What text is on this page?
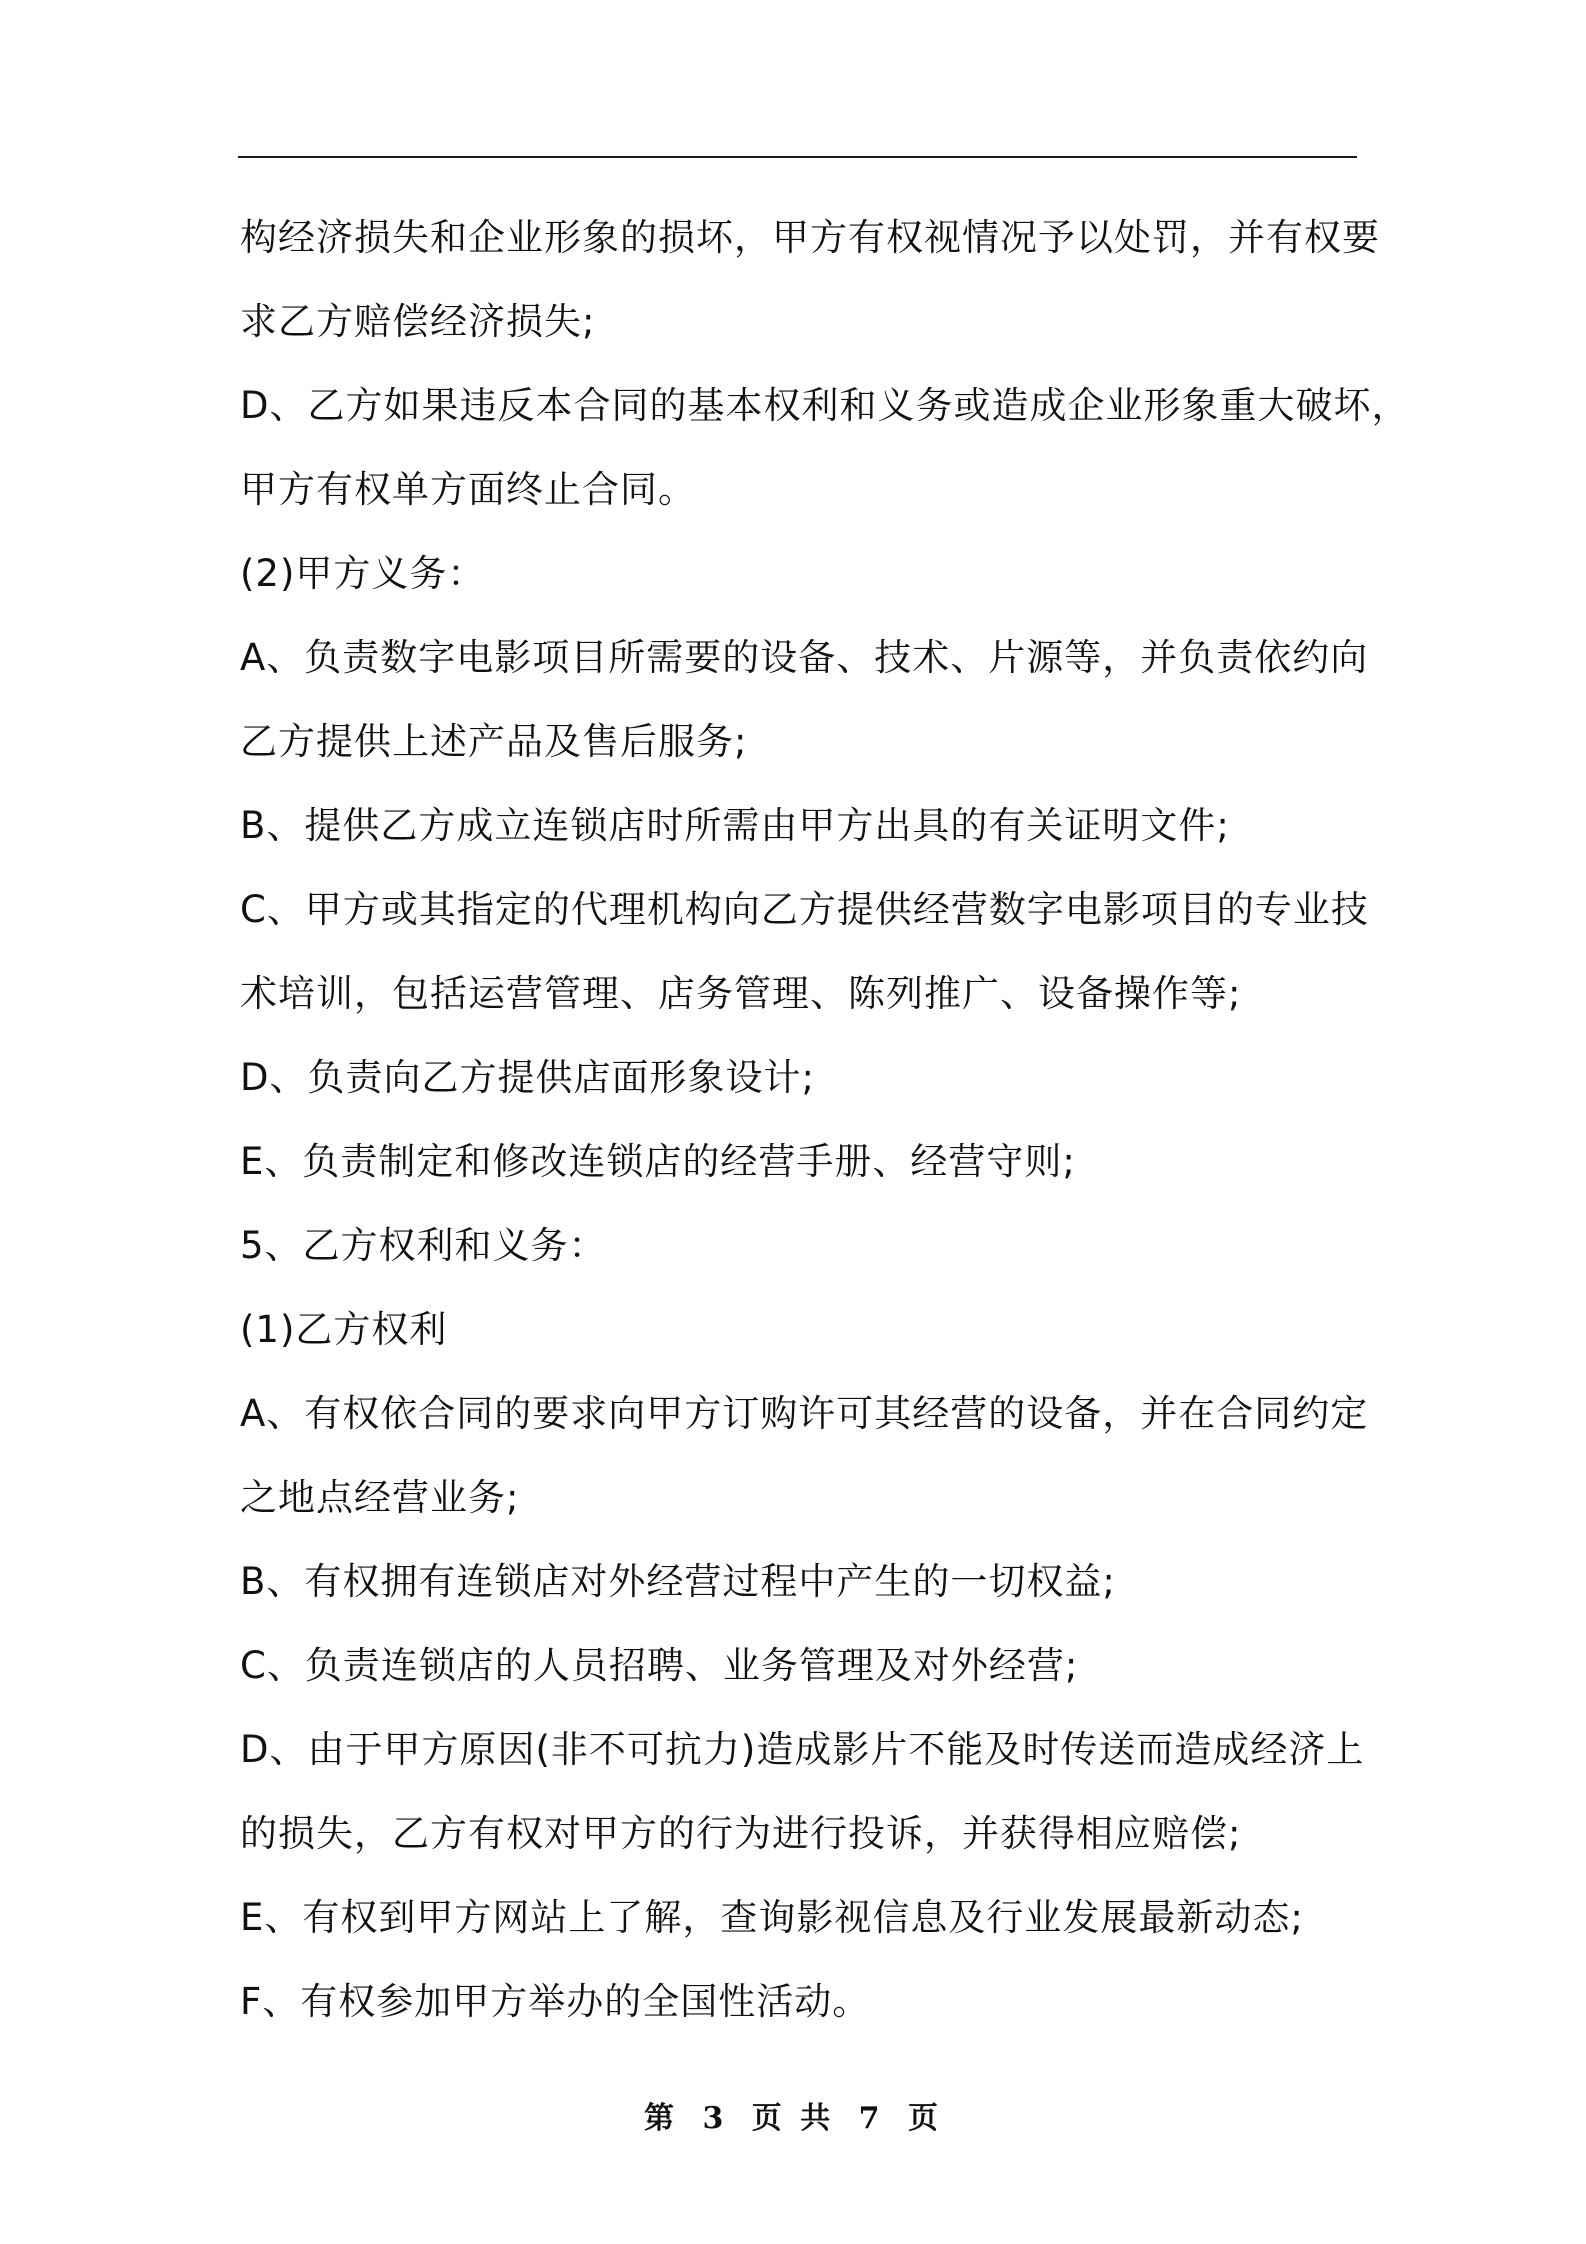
构经济损失和企业形象的损坏，甲方有权视情况予以处罚，并有权要
求乙方赔偿经济损失;
D、乙方如果违反本合同的基本权利和义务或造成企业形象重大破坏，
甲方有权单方面终止合同。
(2)甲方义务：
A、负责数字电影项目所需要的设备、技术、片源等，并负责依约向
乙方提供上述产品及售后服务;
B、提供乙方成立连锁店时所需由甲方出具的有关证明文件;
C、甲方或其指定的代理机构向乙方提供经营数字电影项目的专业技
术培训，包括运营管理、店务管理、陈列推广、设备操作等;
D、负责向乙方提供店面形象设计;
E、负责制定和修改连锁店的经营手册、经营守则;
5、乙方权利和义务：
(1)乙方权利
A、有权依合同的要求向甲方订购许可其经营的设备，并在合同约定
之地点经营业务;
B、有权拥有连锁店对外经营过程中产生的一切权益;
C、负责连锁店的人员招聘、业务管理及对外经营;
D、由于甲方原因(非不可抗力)造成影片不能及时传送而造成经济上
的损失，乙方有权对甲方的行为进行投诉，并获得相应赔偿;
E、有权到甲方网站上了解，查询影视信息及行业发展最新动态;
F、有权参加甲方举办的全国性活动。
第 3 页 共 7 页
